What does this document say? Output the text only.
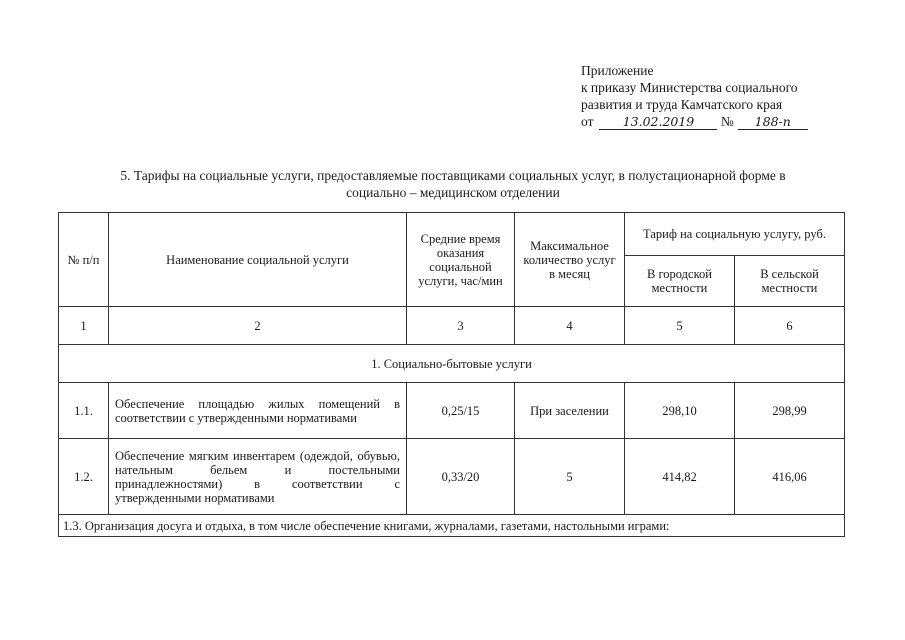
Приложение
к приказу Министерства социального
развития и труда Камчатского края
от 13.02.2019 № 188-п
5. Тарифы на социальные услуги, предоставляемые поставщиками социальных услуг, в полустационарной форме в
социально – медицинском отделении
№ п/п	Наименование социальной услуги	Средние время оказания социальной услуги, час/мин	Максимальное количество услуг в месяц	Тариф на социальную услугу, руб.	
				В городской местности	В сельской местности
1	2	3	4	5	6
1. Социально-бытовые услуги					
1.1.	Обеспечение площадью жилых помещений в соответствии с утвержденными нормативами	0,25/15	При заселении	298,10	298,99
1.2.	Обеспечение мягким инвентарем (одеждой, обувью, нательным бельем и постельными принадлежностями) в соответствии с утвержденными нормативами	0,33/20	5	414,82	416,06
1.3. Организация досуга и отдыха, в том числе обеспечение книгами, журналами, газетами, настольными играми:					
